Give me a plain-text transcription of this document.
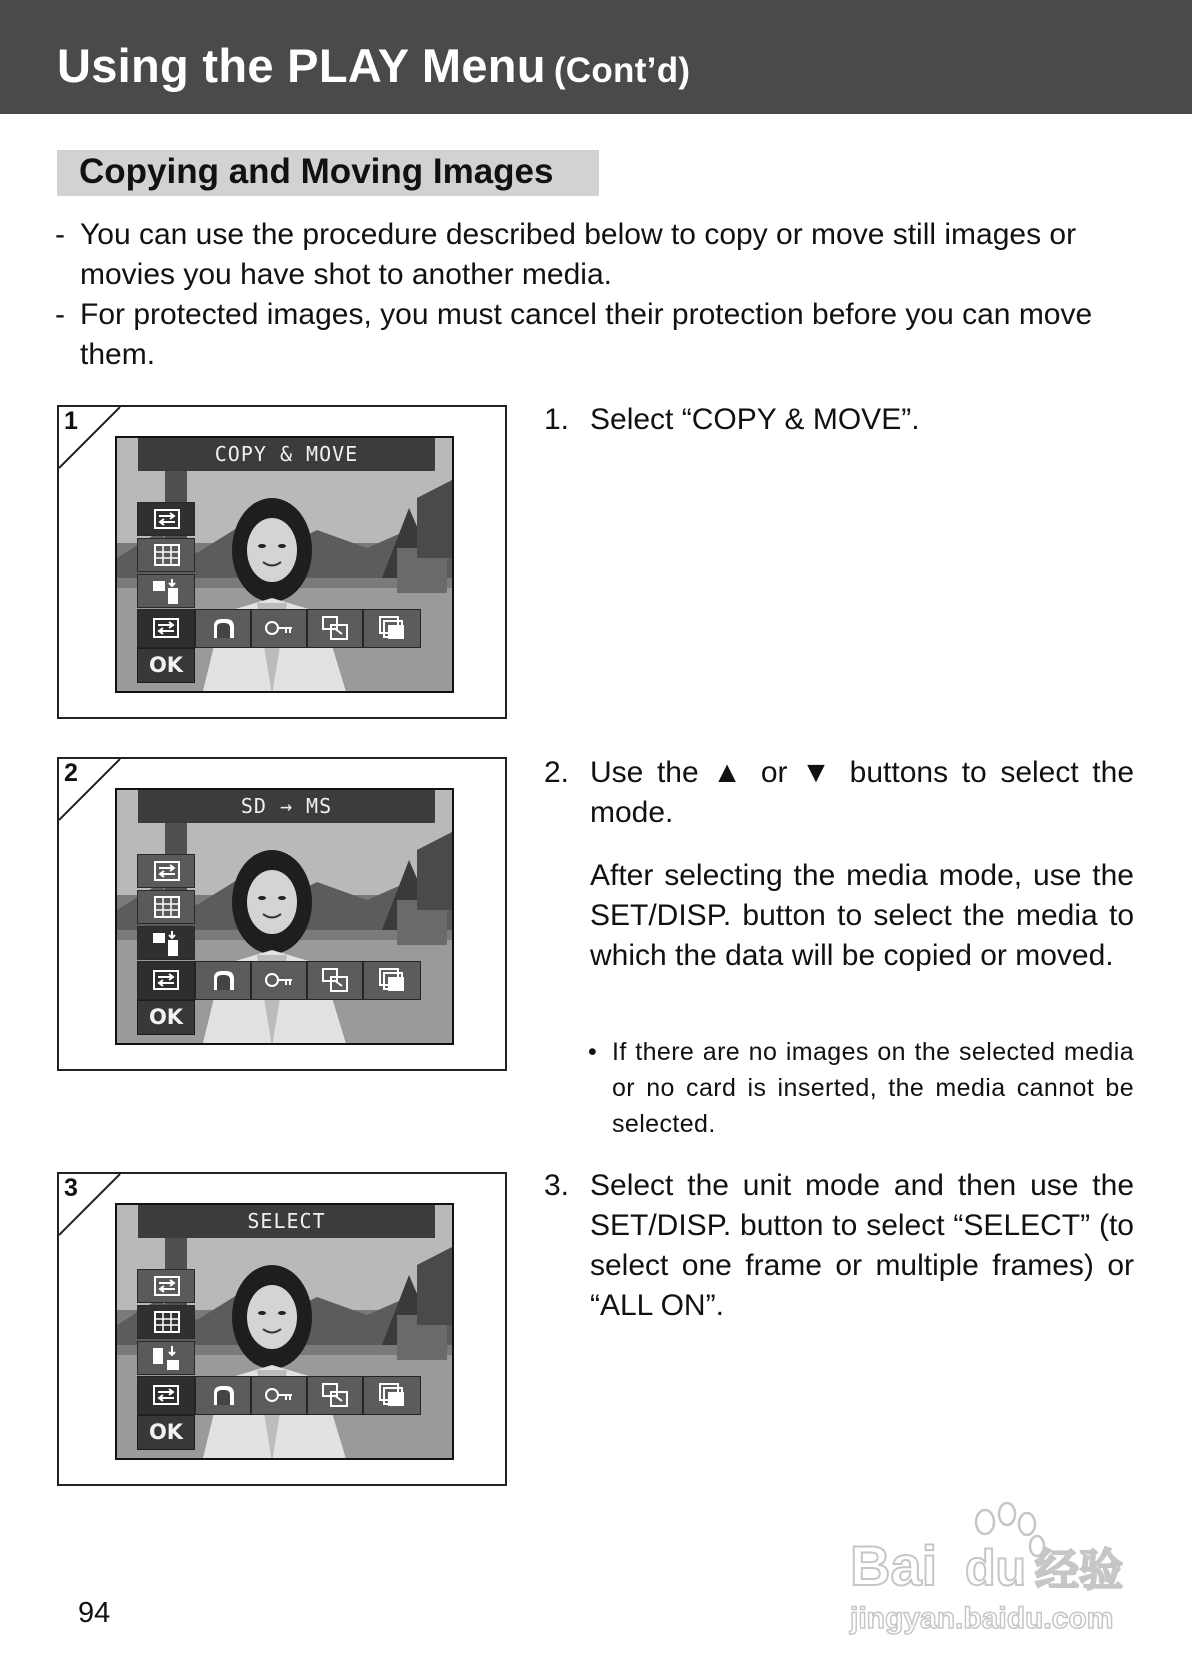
Using the PLAY Menu (Cont’d)
Copying and Moving Images
- You can use the procedure described below to copy or move still images or movies you have shot to another media.
- For protected images, you must cancel their protection before you can move them.
1
COPY & MOVE
OK
2
SD → MS
OK
3
SELECT
OK
1. Select “COPY & MOVE”.
2. Use the ▲ or ▼ buttons to select the mode.
After selecting the media mode, use the SET/DISP. button to select the media to which the data will be copied or moved.
• If there are no images on the selected media or no card is inserted, the media cannot be selected.
3. Select the unit mode and then use the SET/DISP. button to select “SELECT” (to select one frame or multiple frames) or “ALL ON”.
94
Bai du 经验
jingyan.baidu.com
